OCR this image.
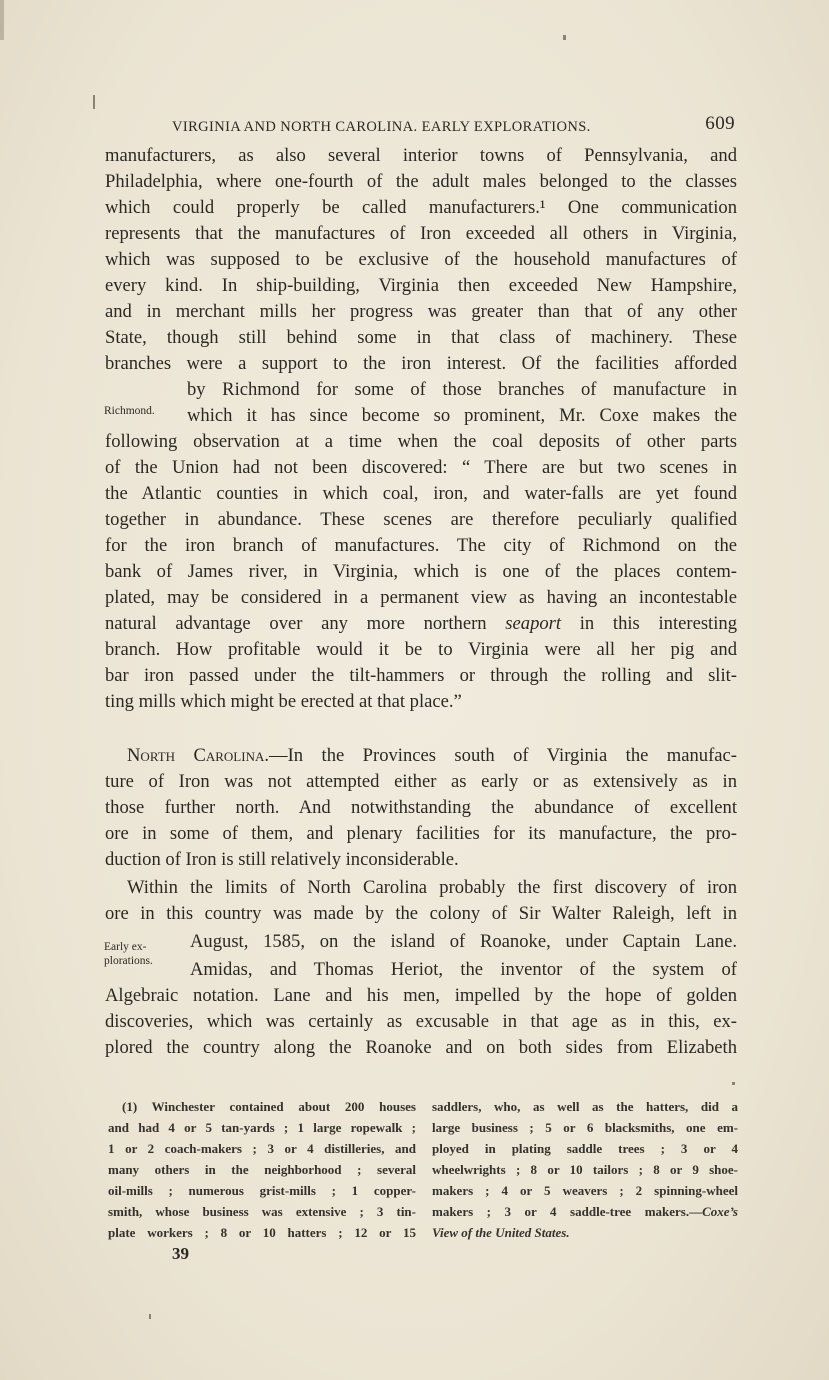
VIRGINIA AND NORTH CAROLINA. EARLY EXPLORATIONS.	609
manufacturers, as also several interior towns of Pennsylvania, and
Philadelphia, where one-fourth of the adult males belonged to the classes
which could properly be called manufacturers.¹ One communication
represents that the manufactures of Iron exceeded all others in Virginia,
which was supposed to be exclusive of the household manufactures of
every kind. In ship-building, Virginia then exceeded New Hampshire,
and in merchant mills her progress was greater than that of any other
State, though still behind some in that class of machinery. These
branches were a support to the iron interest. Of the facilities afforded
Richmond.
by Richmond for some of those branches of manufacture in
which it has since become so prominent, Mr. Coxe makes the
following observation at a time when the coal deposits of other parts
of the Union had not been discovered: “ There are but two scenes in
the Atlantic counties in which coal, iron, and water-falls are yet found
together in abundance. These scenes are therefore peculiarly qualified
for the iron branch of manufactures. The city of Richmond on the
bank of James river, in Virginia, which is one of the places contem-
plated, may be considered in a permanent view as having an incontestable
natural advantage over any more northern seaport in this interesting
branch. How profitable would it be to Virginia were all her pig and
bar iron passed under the tilt-hammers or through the rolling and slit-
ting mills which might be erected at that place.”
North Carolina.—In the Provinces south of Virginia the manufac-
ture of Iron was not attempted either as early or as extensively as in
those further north. And notwithstanding the abundance of excellent
ore in some of them, and plenary facilities for its manufacture, the pro-
duction of Iron is still relatively inconsiderable.
Within the limits of North Carolina probably the first discovery of iron
ore in this country was made by the colony of Sir Walter Raleigh, left in
Early ex-
plorations.
August, 1585, on the island of Roanoke, under Captain Lane.
Amidas, and Thomas Heriot, the inventor of the system of
Algebraic notation. Lane and his men, impelled by the hope of golden
discoveries, which was certainly as excusable in that age as in this, ex-
plored the country along the Roanoke and on both sides from Elizabeth
(1) Winchester contained about 200 houses
and had 4 or 5 tan-yards ; 1 large ropewalk ;
1 or 2 coach-makers ; 3 or 4 distilleries, and
many others in the neighborhood ; several
oil-mills ; numerous grist-mills ; 1 copper-
smith, whose business was extensive ; 3 tin-
plate workers ; 8 or 10 hatters ; 12 or 15
saddlers, who, as well as the hatters, did a
large business ; 5 or 6 blacksmiths, one em-
ployed in plating saddle trees ; 3 or 4
wheelwrights ; 8 or 10 tailors ; 8 or 9 shoe-
makers ; 4 or 5 weavers ; 2 spinning-wheel
makers ; 3 or 4 saddle-tree makers.—Coxe’s
View of the United States.
39
